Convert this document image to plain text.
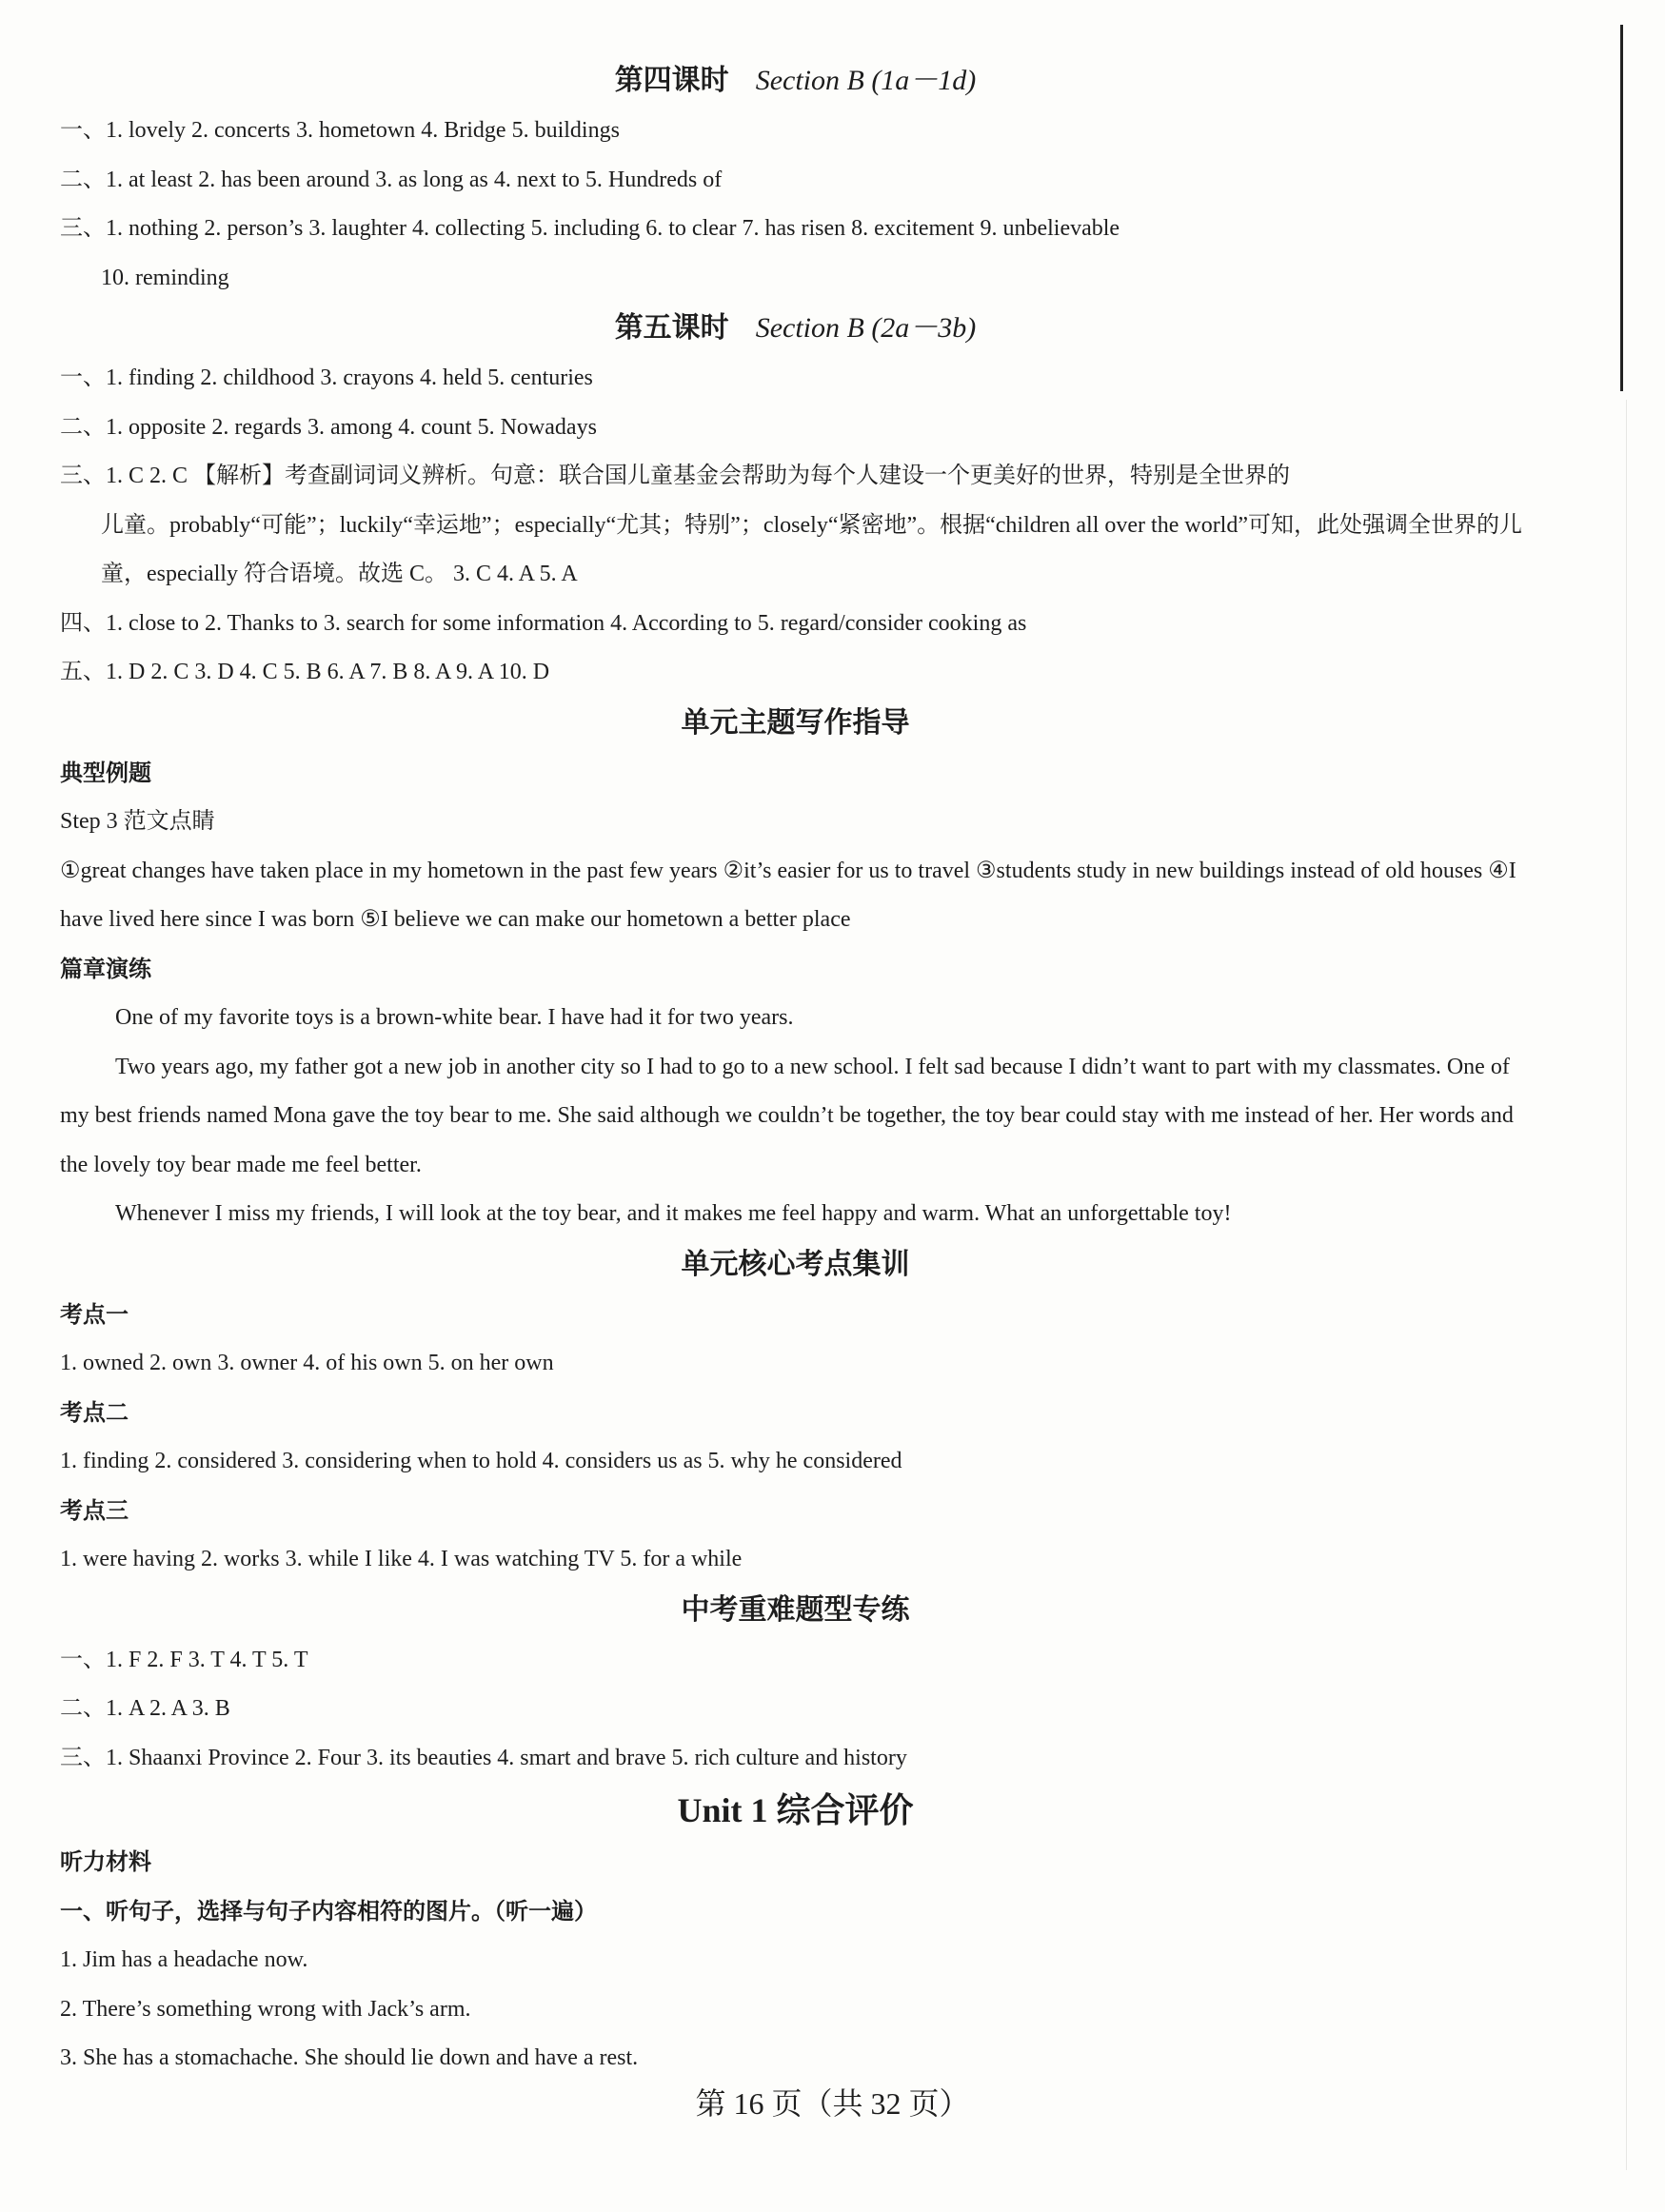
第四课时 Section B (1a－1d)
一、1. lovely 2. concerts 3. hometown 4. Bridge 5. buildings
二、1. at least 2. has been around 3. as long as 4. next to 5. Hundreds of
三、1. nothing 2. person’s 3. laughter 4. collecting 5. including 6. to clear 7. has risen 8. excitement 9. unbelievable
10. reminding
第五课时 Section B (2a－3b)
一、1. finding 2. childhood 3. crayons 4. held 5. centuries
二、1. opposite 2. regards 3. among 4. count 5. Nowadays
三、1. C 2. C 【解析】考查副词词义辨析。句意：联合国儿童基金会帮助为每个人建设一个更美好的世界，特别是全世界的
儿童。probably“可能”；luckily“幸运地”；especially“尤其；特别”；closely“紧密地”。根据“children all over the world”可知，此处强调全世界的儿童，especially 符合语境。故选 C。 3. C 4. A 5. A
四、1. close to 2. Thanks to 3. search for some information 4. According to 5. regard/consider cooking as
五、1. D 2. C 3. D 4. C 5. B 6. A 7. B 8. A 9. A 10. D
单元主题写作指导
典型例题
Step 3 范文点睛
①great changes have taken place in my hometown in the past few years ②it’s easier for us to travel ③students study in new buildings instead of old houses ④I have lived here since I was born ⑤I believe we can make our hometown a better place
篇章演练
One of my favorite toys is a brown-white bear. I have had it for two years.
Two years ago, my father got a new job in another city so I had to go to a new school. I felt sad because I didn’t want to part with my classmates. One of my best friends named Mona gave the toy bear to me. She said although we couldn’t be together, the toy bear could stay with me instead of her. Her words and the lovely toy bear made me feel better.
Whenever I miss my friends, I will look at the toy bear, and it makes me feel happy and warm. What an unforgettable toy!
单元核心考点集训
考点一
1. owned 2. own 3. owner 4. of his own 5. on her own
考点二
1. finding 2. considered 3. considering when to hold 4. considers us as 5. why he considered
考点三
1. were having 2. works 3. while I like 4. I was watching TV 5. for a while
中考重难题型专练
一、1. F 2. F 3. T 4. T 5. T
二、1. A 2. A 3. B
三、1. Shaanxi Province 2. Four 3. its beauties 4. smart and brave 5. rich culture and history
Unit 1 综合评价
听力材料
一、听句子，选择与句子内容相符的图片。（听一遍）
1. Jim has a headache now.
2. There’s something wrong with Jack’s arm.
3. She has a stomachache. She should lie down and have a rest.
第 16 页（共 32 页）
